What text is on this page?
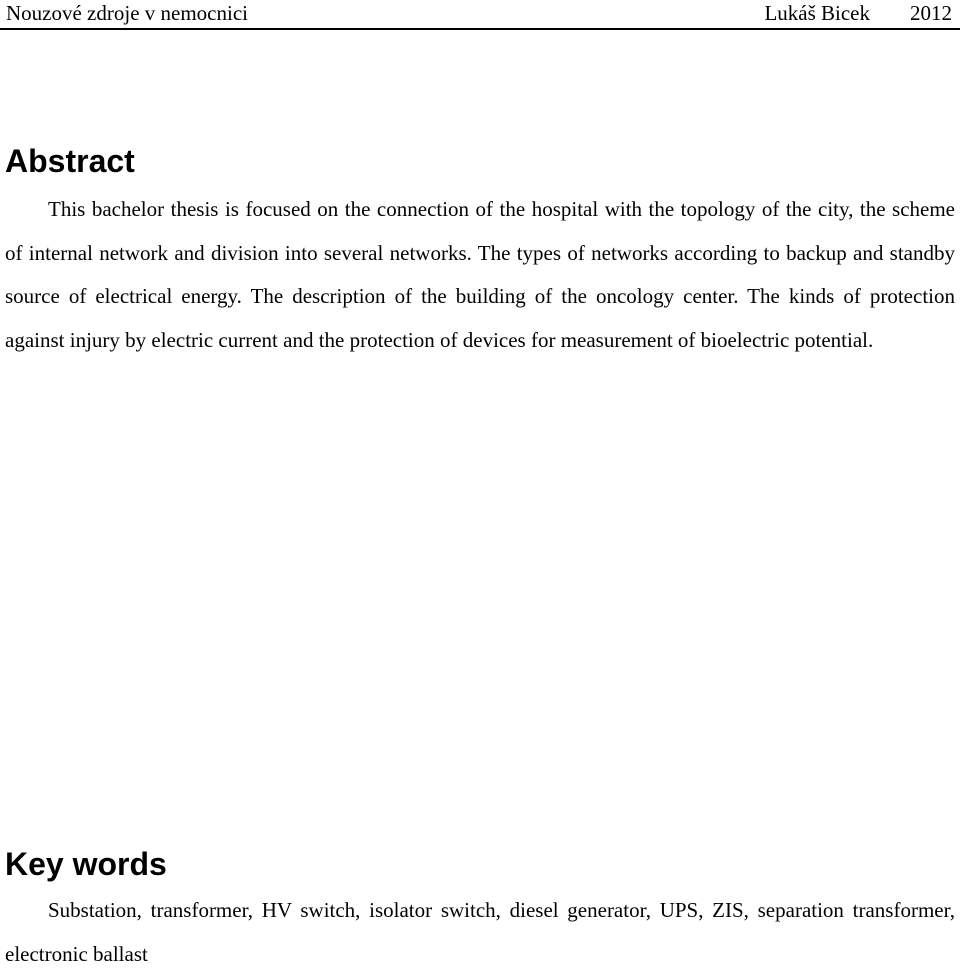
Nouzové zdroje v nemocnici	Lukáš Bicek 2012
Abstract

This bachelor thesis is focused on the connection of the hospital with the topology of the city, the scheme of internal network and division into several networks. The types of networks according to backup and standby source of electrical energy. The description of the building of the oncology center. The kinds of protection against injury by electric current and the protection of devices for measurement of bioelectric potential.

Key words

Substation, transformer, HV switch, isolator switch, diesel generator, UPS, ZIS, separation transformer, electronic ballast
